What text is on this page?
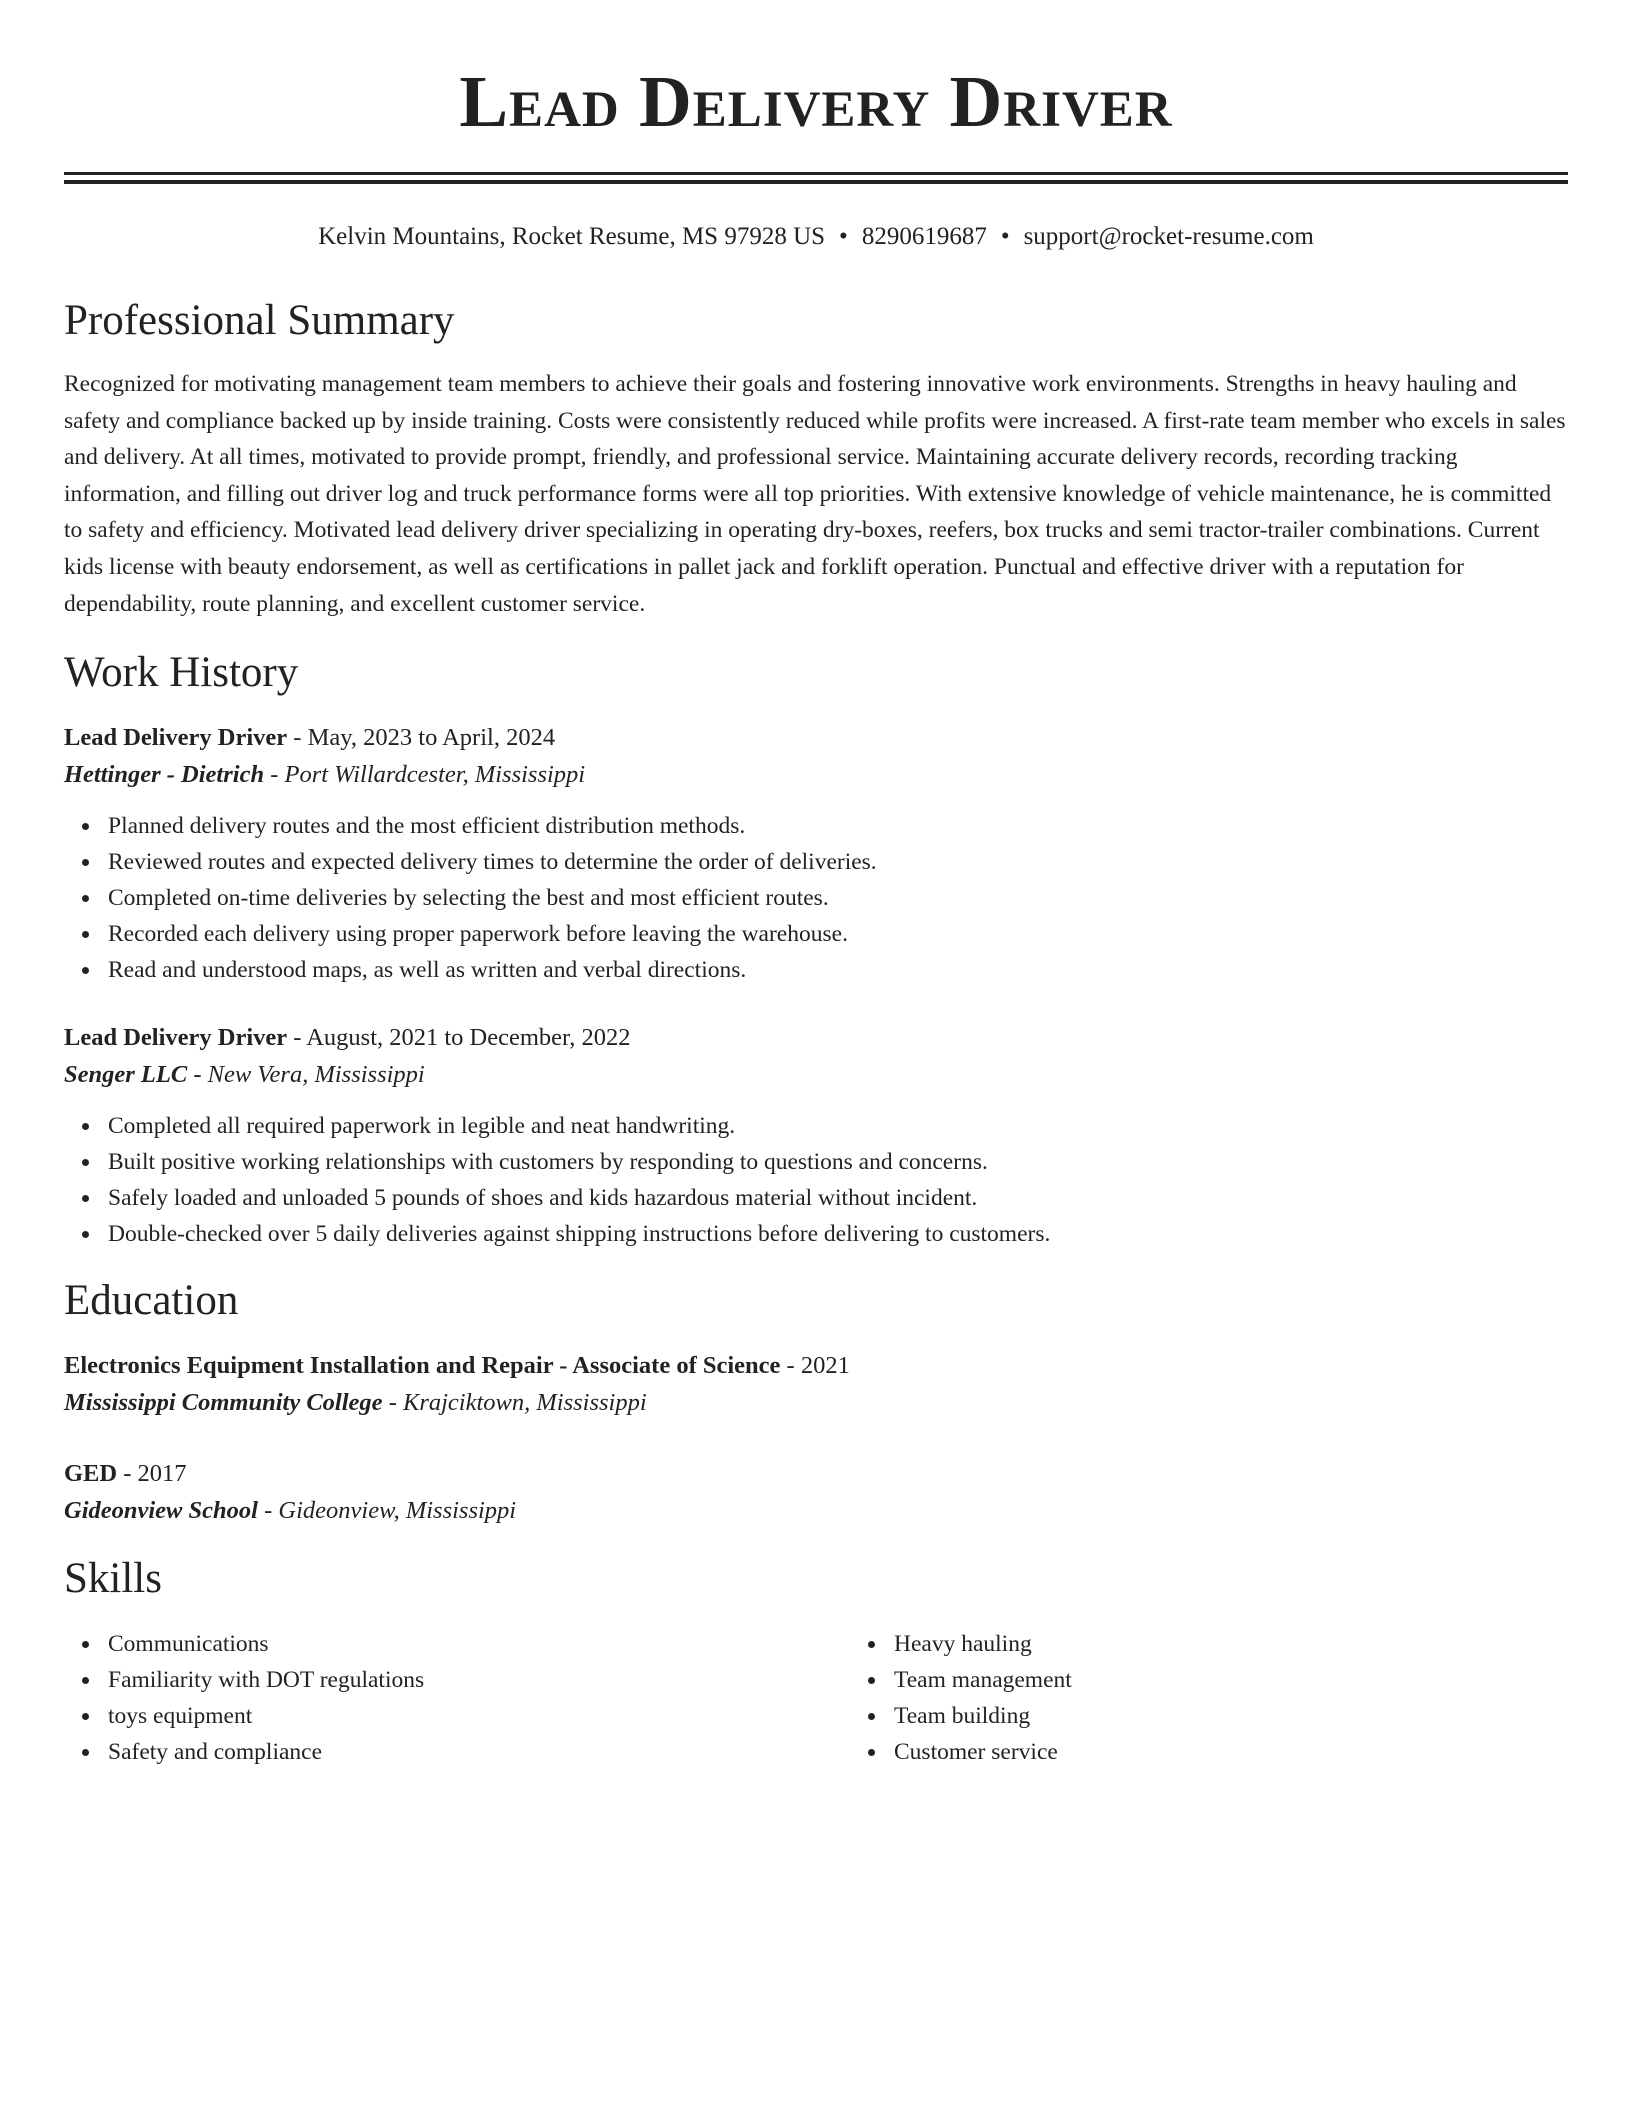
Lead Delivery Driver
Kelvin Mountains, Rocket Resume, MS 97928 US • 8290619687 • support@rocket-resume.com
Professional Summary

Recognized for motivating management team members to achieve their goals and fostering innovative work environments. Strengths in heavy hauling and safety and compliance backed up by inside training. Costs were consistently reduced while profits were increased. A first-rate team member who excels in sales and delivery. At all times, motivated to provide prompt, friendly, and professional service. Maintaining accurate delivery records, recording tracking information, and filling out driver log and truck performance forms were all top priorities. With extensive knowledge of vehicle maintenance, he is committed to safety and efficiency. Motivated lead delivery driver specializing in operating dry-boxes, reefers, box trucks and semi tractor-trailer combinations. Current kids license with beauty endorsement, as well as certifications in pallet jack and forklift operation. Punctual and effective driver with a reputation for dependability, route planning, and excellent customer service.

Work History
Lead Delivery Driver - May, 2023 to April, 2024
Hettinger - Dietrich - Port Willardcester, Mississippi
Planned delivery routes and the most efficient distribution methods.
Reviewed routes and expected delivery times to determine the order of deliveries.
Completed on-time deliveries by selecting the best and most efficient routes.
Recorded each delivery using proper paperwork before leaving the warehouse.
Read and understood maps, as well as written and verbal directions.
Lead Delivery Driver - August, 2021 to December, 2022
Senger LLC - New Vera, Mississippi
Completed all required paperwork in legible and neat handwriting.
Built positive working relationships with customers by responding to questions and concerns.
Safely loaded and unloaded 5 pounds of shoes and kids hazardous material without incident.
Double-checked over 5 daily deliveries against shipping instructions before delivering to customers.
Education
Electronics Equipment Installation and Repair - Associate of Science - 2021
Mississippi Community College - Krajciktown, Mississippi
GED - 2017
Gideonview School - Gideonview, Mississippi
Skills
Communications
Familiarity with DOT regulations
toys equipment
Safety and compliance
Heavy hauling
Team management
Team building
Customer service
